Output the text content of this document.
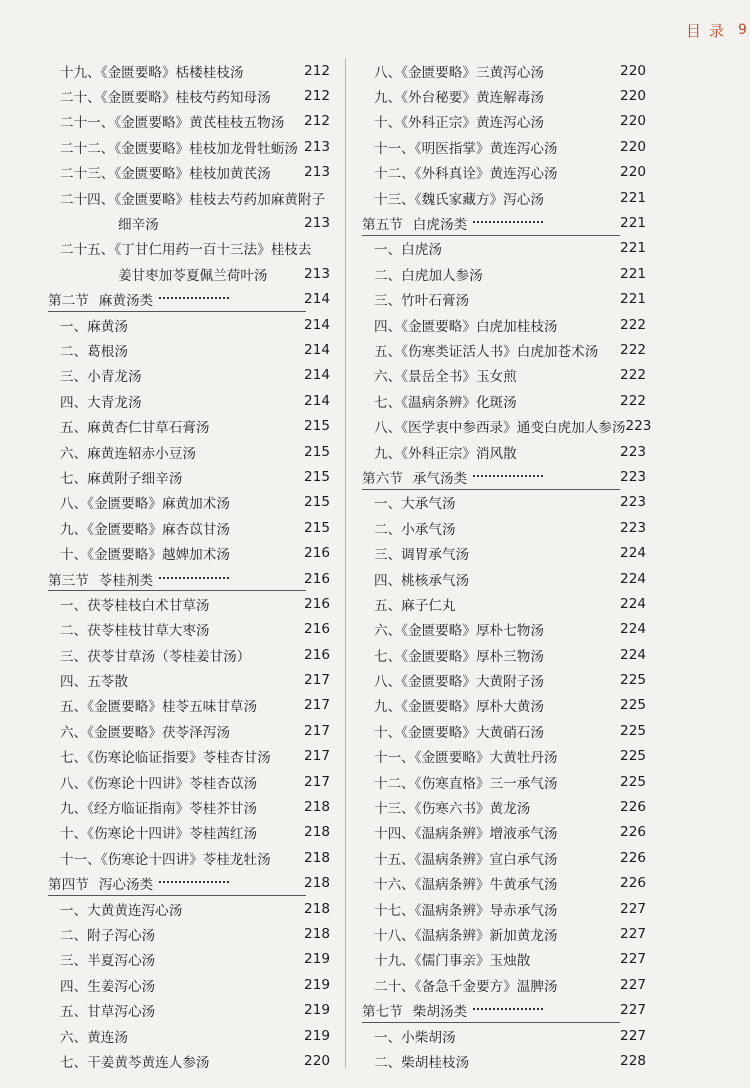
目录 9
十九、《金匮要略》栝楼桂枝汤	212
二十、《金匮要略》桂枝芍药知母汤	212
二十一、《金匮要略》黄芪桂枝五物汤	212
二十二、《金匮要略》桂枝加龙骨牡蛎汤 213
二十三、《金匮要略》桂枝加黄芪汤	213
二十四、《金匮要略》桂枝去芍药加麻黄附子
细辛汤	213
二十五、《丁甘仁用药一百十三法》桂枝去
姜甘枣加苓夏佩兰荷叶汤	213
第二节 麻黄汤类	214
一、麻黄汤	214
二、葛根汤	214
三、小青龙汤	214
四、大青龙汤	214
五、麻黄杏仁甘草石膏汤	215
六、麻黄连轺赤小豆汤	215
七、麻黄附子细辛汤	215
八、《金匮要略》麻黄加术汤	215
九、《金匮要略》麻杏苡甘汤	215
十、《金匮要略》越婢加术汤	216
第三节 苓桂剂类	216
一、茯苓桂枝白术甘草汤	216
二、茯苓桂枝甘草大枣汤	216
三、茯苓甘草汤（苓桂姜甘汤）	216
四、五苓散	217
五、《金匮要略》桂苓五味甘草汤	217
六、《金匮要略》茯苓泽泻汤	217
七、《伤寒论临证指要》苓桂杏甘汤	217
八、《伤寒论十四讲》苓桂杏苡汤	217
九、《经方临证指南》苓桂芥甘汤	218
十、《伤寒论十四讲》苓桂茜红汤	218
十一、《伤寒论十四讲》苓桂龙牡汤	218
第四节 泻心汤类	218
一、大黄黄连泻心汤	218
二、附子泻心汤	218
三、半夏泻心汤	219
四、生姜泻心汤	219
五、甘草泻心汤	219
六、黄连汤	219
七、干姜黄芩黄连人参汤	220
八、《金匮要略》三黄泻心汤	220
九、《外台秘要》黄连解毒汤	220
十、《外科正宗》黄连泻心汤	220
十一、《明医指掌》黄连泻心汤	220
十二、《外科真诠》黄连泻心汤	220
十三、《魏氏家藏方》泻心汤	221
第五节 白虎汤类	221
一、白虎汤	221
二、白虎加人参汤	221
三、竹叶石膏汤	221
四、《金匮要略》白虎加桂枝汤	222
五、《伤寒类证活人书》白虎加苍术汤	222
六、《景岳全书》玉女煎	222
七、《温病条辨》化斑汤	222
八、《医学衷中参西录》通变白虎加人参汤 223
九、《外科正宗》消风散	223
第六节 承气汤类	223
一、大承气汤	223
二、小承气汤	223
三、调胃承气汤	224
四、桃核承气汤	224
五、麻子仁丸	224
六、《金匮要略》厚朴七物汤	224
七、《金匮要略》厚朴三物汤	224
八、《金匮要略》大黄附子汤	225
九、《金匮要略》厚朴大黄汤	225
十、《金匮要略》大黄硝石汤	225
十一、《金匮要略》大黄牡丹汤	225
十二、《伤寒直格》三一承气汤	225
十三、《伤寒六书》黄龙汤	226
十四、《温病条辨》增液承气汤	226
十五、《温病条辨》宣白承气汤	226
十六、《温病条辨》牛黄承气汤	226
十七、《温病条辨》导赤承气汤	227
十八、《温病条辨》新加黄龙汤	227
十九、《儒门事亲》玉烛散	227
二十、《备急千金要方》温脾汤	227
第七节 柴胡汤类	227
一、小柴胡汤	227
二、柴胡桂枝汤	228
